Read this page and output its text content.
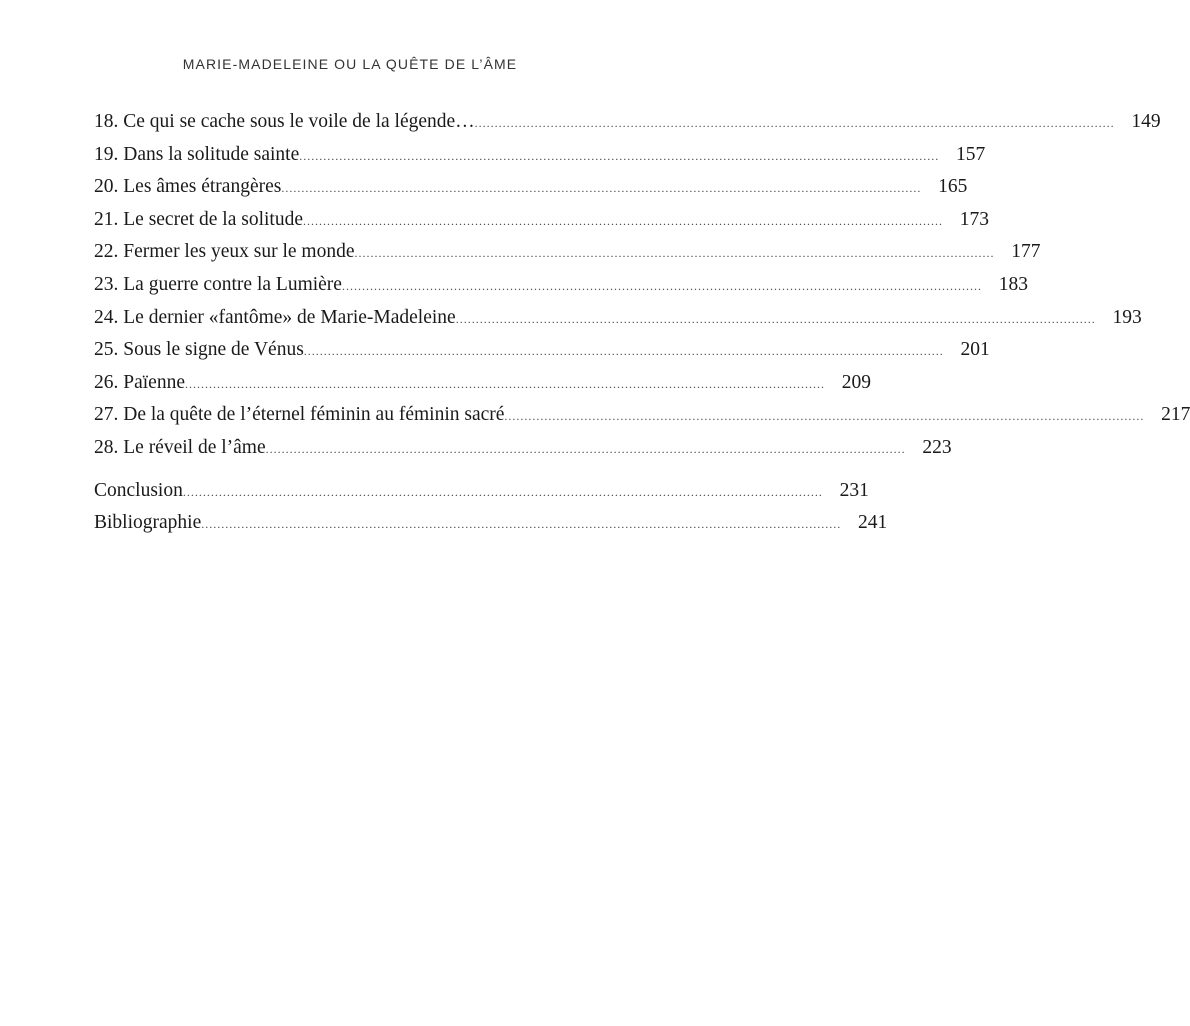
MARIE-MADELEINE OU LA QUÊTE DE L’ÂME
18. Ce qui se cache sous le voile de la légende… ................................................................................................................................................................ 149
19. Dans la solitude sainte ................................................................................................................................................................ 157
20. Les âmes étrangères ................................................................................................................................................................ 165
21. Le secret de la solitude ................................................................................................................................................................ 173
22. Fermer les yeux sur le monde ................................................................................................................................................................ 177
23. La guerre contre la Lumière ................................................................................................................................................................ 183
24. Le dernier «fantôme» de Marie-Madeleine ................................................................................................................................................................ 193
25. Sous le signe de Vénus ................................................................................................................................................................ 201
26. Païenne ................................................................................................................................................................ 209
27. De la quête de l’éternel féminin au féminin sacré ................................................................................................................................................................ 217
28. Le réveil de l’âme ................................................................................................................................................................ 223
Conclusion ................................................................................................................................................................ 231
Bibliographie ................................................................................................................................................................ 241
